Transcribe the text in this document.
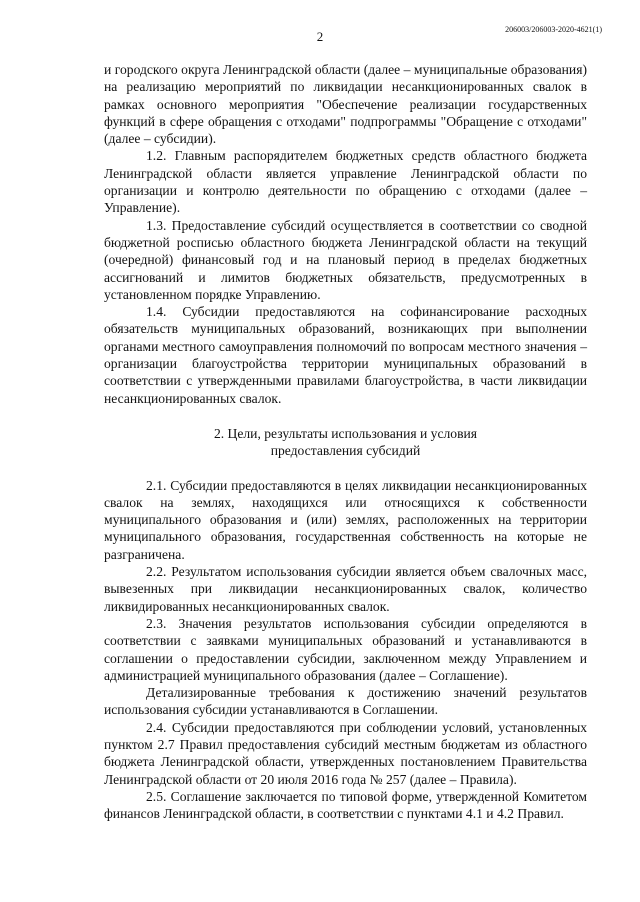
2	206003/206003-2020-4621(1)

и городского округа Ленинградской области (далее – муниципальные образования) на реализацию мероприятий по ликвидации несанкционированных свалок в рамках основного мероприятия "Обеспечение реализации государственных функций в сфере обращения с отходами" подпрограммы "Обращение с отходами" (далее – субсидии).

1.2. Главным распорядителем бюджетных средств областного бюджета Ленинградской области является управление Ленинградской области по организации и контролю деятельности по обращению с отходами (далее – Управление).

1.3. Предоставление субсидий осуществляется в соответствии со сводной бюджетной росписью областного бюджета Ленинградской области на текущий (очередной) финансовый год и на плановый период в пределах бюджетных ассигнований и лимитов бюджетных обязательств, предусмотренных в установленном порядке Управлению.

1.4. Субсидии предоставляются на софинансирование расходных обязательств муниципальных образований, возникающих при выполнении органами местного самоуправления полномочий по вопросам местного значения – организации благоустройства территории муниципальных образований в соответствии с утвержденными правилами благоустройства, в части ликвидации несанкционированных свалок.

2. Цели, результаты использования и условия
предоставления субсидий

2.1. Субсидии предоставляются в целях ликвидации несанкционированных свалок на землях, находящихся или относящихся к собственности муниципального образования и (или) землях, расположенных на территории муниципального образования, государственная собственность на которые не разграничена.

2.2. Результатом использования субсидии является объем свалочных масс, вывезенных при ликвидации несанкционированных свалок, количество ликвидированных несанкционированных свалок.

2.3. Значения результатов использования субсидии определяются в соответствии с заявками муниципальных образований и устанавливаются в соглашении о предоставлении субсидии, заключенном между Управлением и администрацией муниципального образования (далее – Соглашение).

Детализированные требования к достижению значений результатов использования субсидии устанавливаются в Соглашении.

2.4. Субсидии предоставляются при соблюдении условий, установленных пунктом 2.7 Правил предоставления субсидий местным бюджетам из областного бюджета Ленинградской области, утвержденных постановлением Правительства Ленинградской области от 20 июля 2016 года № 257 (далее – Правила).

2.5. Соглашение заключается по типовой форме, утвержденной Комитетом финансов Ленинградской области, в соответствии с пунктами 4.1 и 4.2 Правил.
